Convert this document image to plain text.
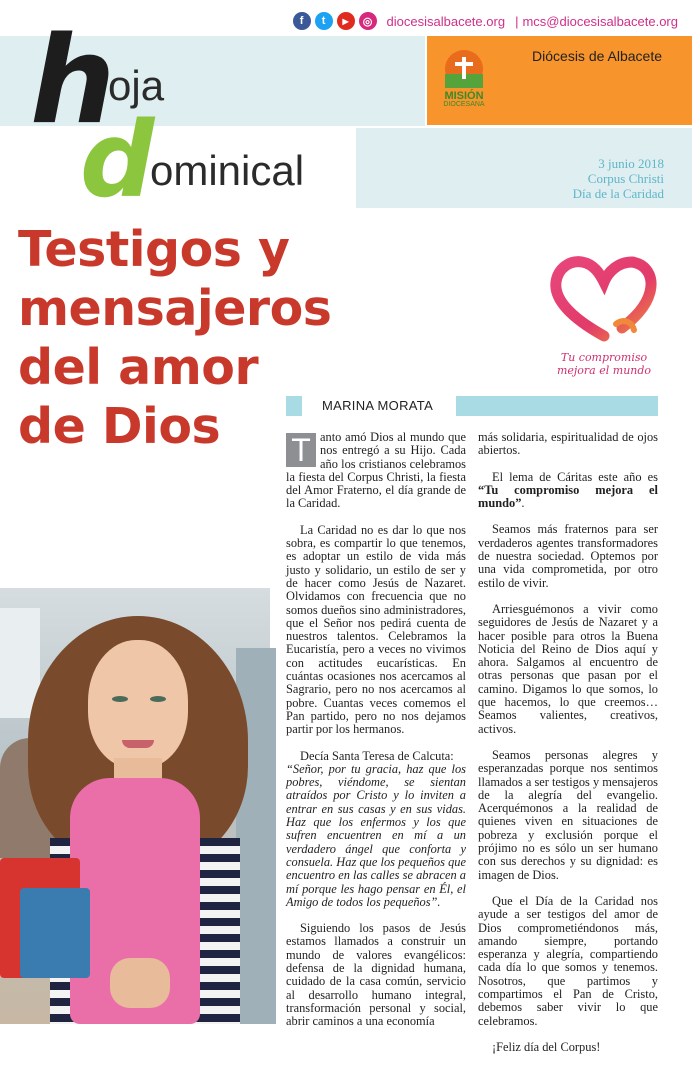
f	t	▶	◎	diocesisalbacete.org | mcs@diocesisalbacete.org
MISIÓN
DIOCESANA
Diócesis de Albacete
3 junio 2018
Corpus Christi
Día de la Caridad
h
oja
d
ominical
Testigos y
mensajeros
del amor
de Dios
Tu compromiso
mejora el mundo
MARINA MORATA

T anto amó Dios al mundo que nos entregó a su Hijo. Cada año los cristianos celebramos la fiesta del Corpus Christi, la fiesta del Amor Fraterno, el día grande de la Caridad.

La Caridad no es dar lo que nos sobra, es compartir lo que tenemos, es adoptar un estilo de vida más justo y solidario, un estilo de ser y de hacer como Jesús de Nazaret. Olvidamos con frecuencia que no somos dueños sino administradores, que el Señor nos pedirá cuenta de nuestros talentos. Celebramos la Eucaristía, pero a veces no vivimos con actitudes eucarísticas. En cuántas ocasiones nos acercamos al Sagrario, pero no nos acercamos al pobre. Cuantas veces comemos el Pan partido, pero no nos dejamos partir por los hermanos.

Decía Santa Teresa de Calcuta:

“Señor, por tu gracia, haz que los pobres, viéndome, se sientan atraídos por Cristo y lo inviten a entrar en sus casas y en sus vidas. Haz que los enfermos y los que sufren encuentren en mí a un verdadero ángel que conforta y consuela. Haz que los pequeños que encuentro en las calles se abracen a mí porque les hago pensar en Él, el Amigo de todos los pequeños”.

Siguiendo los pasos de Jesús estamos llamados a construir un mundo de valores evangélicos: defensa de la dignidad humana, cuidado de la casa común, servicio al desarrollo humano integral, transformación personal y social, abrir caminos a una economía

más solidaria, espiritualidad de ojos abiertos.

El lema de Cáritas este año es “Tu compromiso mejora el mundo”.

Seamos más fraternos para ser verdaderos agentes transformadores de nuestra sociedad. Optemos por una vida comprometida, por otro estilo de vivir.

Arriesguémonos a vivir como seguidores de Jesús de Nazaret y a hacer posible para otros la Buena Noticia del Reino de Dios aquí y ahora. Salgamos al encuentro de otras personas que pasan por el camino. Digamos lo que somos, lo que hacemos, lo que creemos… Seamos valientes, creativos, activos.

Seamos personas alegres y esperanzadas porque nos sentimos llamados a ser testigos y mensajeros de la alegría del evangelio. Acerquémonos a la realidad de quienes viven en situaciones de pobreza y exclusión porque el prójimo no es sólo un ser humano con sus derechos y su dignidad: es imagen de Dios.

Que el Día de la Caridad nos ayude a ser testigos del amor de Dios comprometiéndonos más, amando siempre, portando esperanza y alegría, compartiendo cada día lo que somos y tenemos. Nosotros, que partimos y compartimos el Pan de Cristo, debemos saber vivir lo que celebramos.

¡Feliz día del Corpus!
